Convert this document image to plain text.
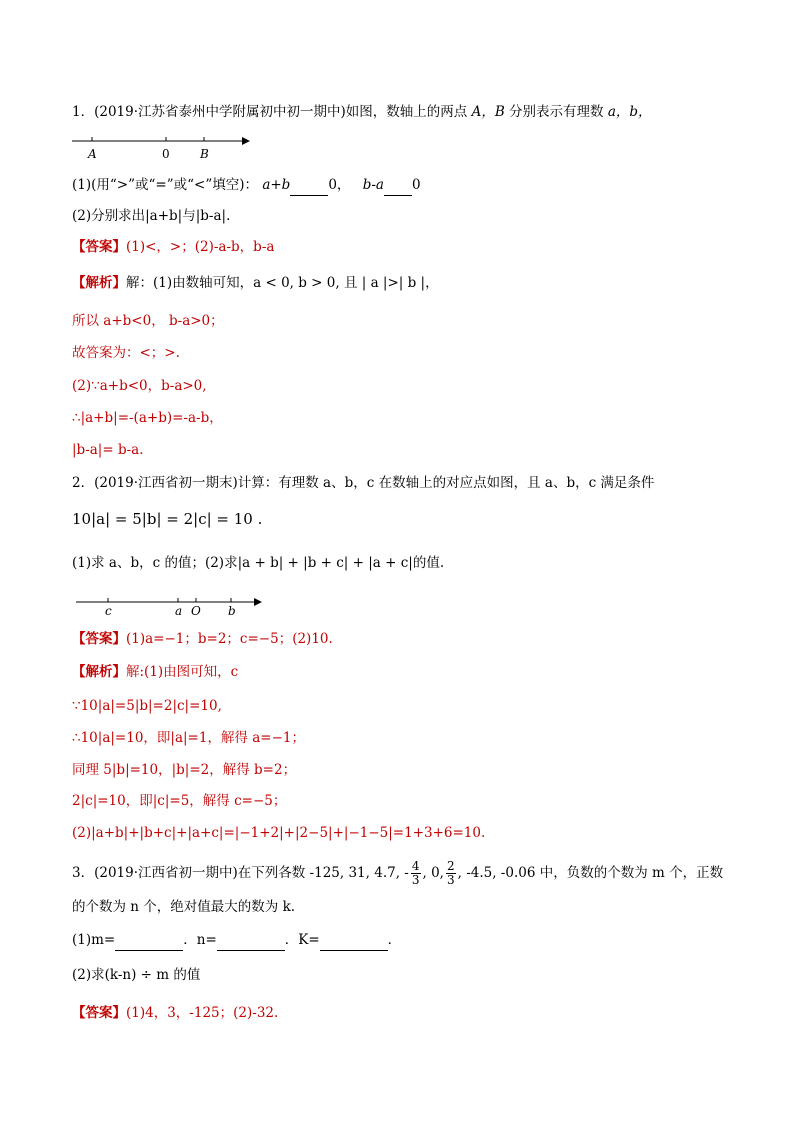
1．(2019·江苏省泰州中学附属初中初一期中)如图，数轴上的两点 A，B 分别表示有理数 a，b，
A	0	B
(1)(用“>”或“=”或“<”填空)： a+b	0， b-a 0
(2)分别求出|a+b|与|b-a|.
【答案】(1)<，>；(2)-a-b，b-a
【解析】解：(1)由数轴可知，a < 0, b > 0, 且 | a |>| b |，
所以 a+b<0， b-a>0；
故答案为：<；>.
(2)∵a+b<0，b-a>0,
∴|a+b|=-(a+b)=-a-b，
|b-a|= b-a.
2．(2019·江西省初一期末)计算：有理数 a、b，c 在数轴上的对应点如图，且 a、b，c 满足条件
10|a| = 5|b| = 2|c| = 10 .
(1)求 a、b，c 的值；(2)求|a + b| + |b + c| + |a + c|的值.
c	a O b
【答案】(1)a=−1；b=2；c=−5；(2)10.
【解析】解:(1)由图可知，c
∵10|a|=5|b|=2|c|=10,
∴10|a|=10，即|a|=1，解得 a=−1；
同理 5|b|=10，|b|=2，解得 b=2；
2|c|=10，即|c|=5，解得 c=−5；
(2)|a+b|+|b+c|+|a+c|=|−1+2|+|2−5|+|−1−5|=1+3+6=10.
3．(2019·江西省初一期中)在下列各数 -125, 31, 4.7, - $\frac{4}{3}$ , 0, $\frac{2}{3}$ , -4.5, -0.06 中，负数的个数为 m 个，正数
的个数为 n 个，绝对值最大的数为 k.
(1)m=	．n=	．K=	．
(2)求(k-n) ÷ m 的值
【答案】(1)4，3，-125；(2)-32.
